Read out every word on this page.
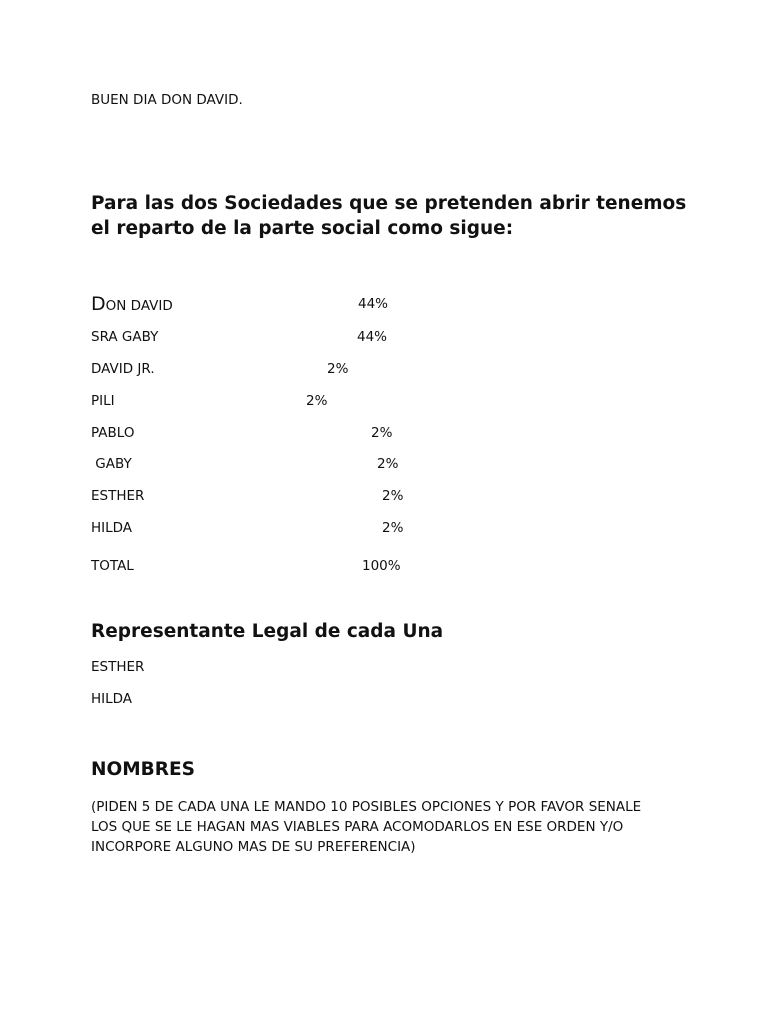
BUEN DIA DON DAVID.
Para las dos Sociedades que se pretenden abrir tenemos el reparto de la parte social como sigue:
DON DAVID	44%
SRA GABY	44%
DAVID JR.	2%
PILI	2%
PABLO	2%
GABY	2%
ESTHER	2%
HILDA	2%
TOTAL	100%
Representante Legal de cada Una
ESTHER
HILDA
NOMBRES
(PIDEN 5 DE CADA UNA LE MANDO 10 POSIBLES OPCIONES Y POR FAVOR SENALE LOS QUE SE LE HAGAN MAS VIABLES PARA ACOMODARLOS EN ESE ORDEN Y/O INCORPORE ALGUNO MAS DE SU PREFERENCIA)
